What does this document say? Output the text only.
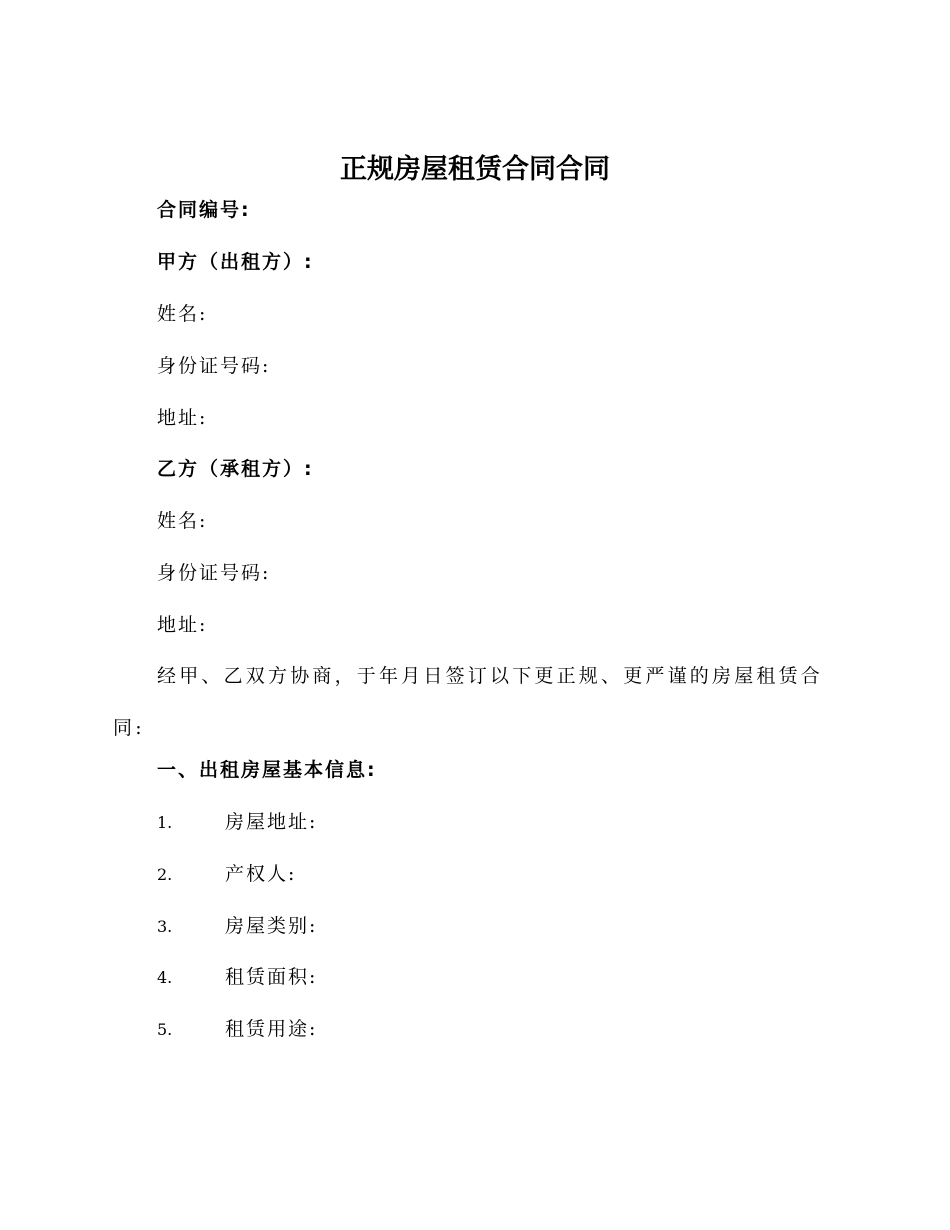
正规房屋租赁合同合同
合同编号:
甲方（出租方）:
姓名:
身份证号码:
地址:
乙方（承租方）:
姓名:
身份证号码:
地址:
经甲、乙双方协商，于年月日签订以下更正规、更严谨的房屋租赁合同:
一、出租房屋基本信息:
1.	房屋地址:
2.	产权人:
3.	房屋类别:
4.	租赁面积:
5.	租赁用途:
